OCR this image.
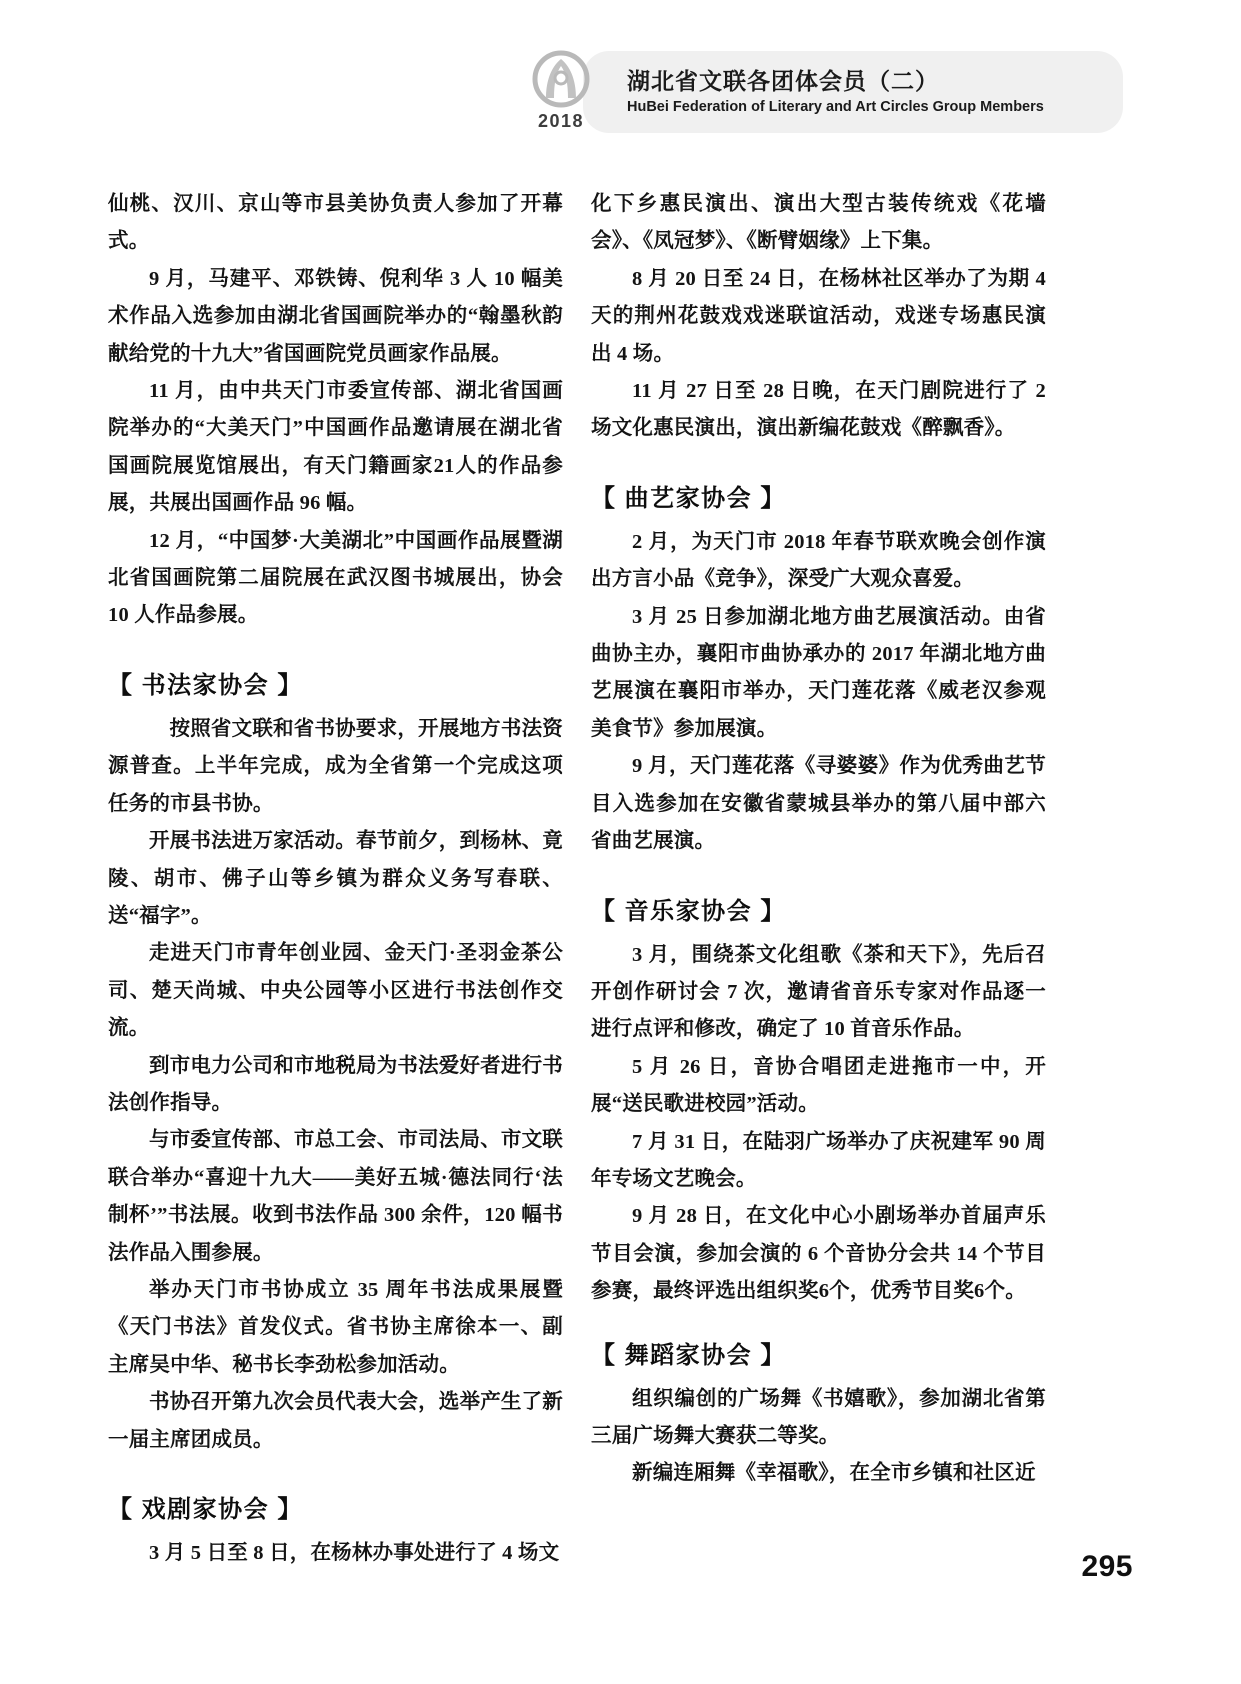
2018
湖北省文联各团体会员（二）
HuBei Federation of Literary and Art Circles Group Members

仙桃、汉川、京山等市县美协负责人参加了开幕式。

9 月，马建平、邓铁铸、倪利华 3 人 10 幅美术作品入选参加由湖北省国画院举办的“翰墨秋韵献给党的十九大”省国画院党员画家作品展。

11 月，由中共天门市委宣传部、湖北省国画院举办的“大美天门”中国画作品邀请展在湖北省国画院展览馆展出，有天门籍画家21人的作品参展，共展出国画作品 96 幅。

12 月，“中国梦·大美湖北”中国画作品展暨湖北省国画院第二届院展在武汉图书城展出，协会 10 人作品参展。

【 书法家协会 】

按照省文联和省书协要求，开展地方书法资源普查。上半年完成，成为全省第一个完成这项任务的市县书协。

开展书法进万家活动。春节前夕，到杨林、竟陵、胡市、佛子山等乡镇为群众义务写春联、送“福字”。

走进天门市青年创业园、金天门·圣羽金茶公司、楚天尚城、中央公园等小区进行书法创作交流。

到市电力公司和市地税局为书法爱好者进行书法创作指导。

与市委宣传部、市总工会、市司法局、市文联联合举办“喜迎十九大——美好五城·德法同行‘法制杯’”书法展。收到书法作品 300 余件，120 幅书法作品入围参展。

举办天门市书协成立 35 周年书法成果展暨《天门书法》首发仪式。省书协主席徐本一、副主席吴中华、秘书长李劲松参加活动。

书协召开第九次会员代表大会，选举产生了新一届主席团成员。

【 戏剧家协会 】

3 月 5 日至 8 日，在杨林办事处进行了 4 场文

化下乡惠民演出、演出大型古装传统戏《花墙会》、《凤冠梦》、《断臂姻缘》上下集。

8 月 20 日至 24 日，在杨林社区举办了为期 4 天的荆州花鼓戏戏迷联谊活动，戏迷专场惠民演出 4 场。

11 月 27 日至 28 日晚，在天门剧院进行了 2 场文化惠民演出，演出新编花鼓戏《醉飘香》。

【 曲艺家协会 】

2 月，为天门市 2018 年春节联欢晚会创作演出方言小品《竞争》，深受广大观众喜爱。

3 月 25 日参加湖北地方曲艺展演活动。由省曲协主办，襄阳市曲协承办的 2017 年湖北地方曲艺展演在襄阳市举办，天门莲花落《威老汉参观美食节》参加展演。

9 月，天门莲花落《寻婆婆》作为优秀曲艺节目入选参加在安徽省蒙城县举办的第八届中部六省曲艺展演。

【 音乐家协会 】

3 月，围绕茶文化组歌《茶和天下》，先后召开创作研讨会 7 次，邀请省音乐专家对作品逐一进行点评和修改，确定了 10 首音乐作品。

5 月 26 日，音协合唱团走进拖市一中，开展“送民歌进校园”活动。

7 月 31 日，在陆羽广场举办了庆祝建军 90 周年专场文艺晚会。

9 月 28 日，在文化中心小剧场举办首届声乐节目会演，参加会演的 6 个音协分会共 14 个节目参赛，最终评选出组织奖6个，优秀节目奖6个。

【 舞蹈家协会 】

组织编创的广场舞《书嬉歌》，参加湖北省第三届广场舞大赛获二等奖。

新编连厢舞《幸福歌》，在全市乡镇和社区近

295
